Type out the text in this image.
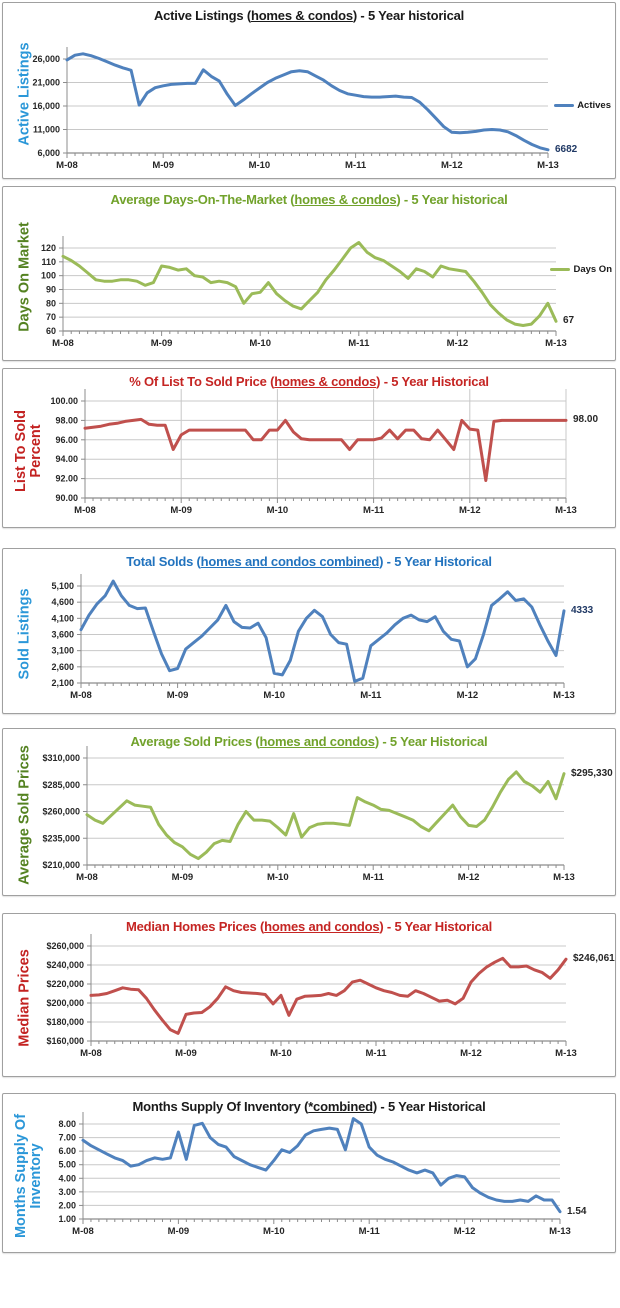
Active Listings (homes & condos) - 5 Year historical
Active Listings
6,000
11,000
16,000
21,000
26,000
M-08	M-09	M-10	M-11	M-12	M-13
Actives
6682
Average Days-On-The-Market (homes & condos) - 5 Year historical
Days On Market 60
70
80
90
100
110
120
M-08	M-09	M-10	M-11	M-12	M-13
Days On
67
% Of List To Sold Price (homes & condos) - 5 Year Historical
List To Sold Percent
90.00
92.00
94.00
96.00
98.00
100.00
M-08	M-09	M-10	M-11	M-12	M-13
98.00
Total Solds (homes and condos combined) - 5 Year Historical
Sold Listings
2,100
2,600
3,100
3,600
4,100
4,600
5,100
M-08	M-09	M-10	M-11	M-12	M-13
4333
Average Sold Prices (homes and condos) - 5 Year Historical
Average Sold Prices $210,000
$235,000
$260,000
$285,000
$310,000
M-08	M-09	M-10	M-11	M-12	M-13
$295,330
Median Homes Prices (homes and condos) - 5 Year Historical
Median Prices $160,000
$180,000
$200,000
$220,000
$240,000
$260,000
M-08	M-09	M-10	M-11	M-12	M-13
$246,061
Months Supply Of Inventory (*combined) - 5 Year Historical
Months Supply Of Inventory
1.00
2.00
3.00
4.00
5.00
6.00
7.00
8.00
M-08	M-09	M-10	M-11	M-12	M-13
1.54
